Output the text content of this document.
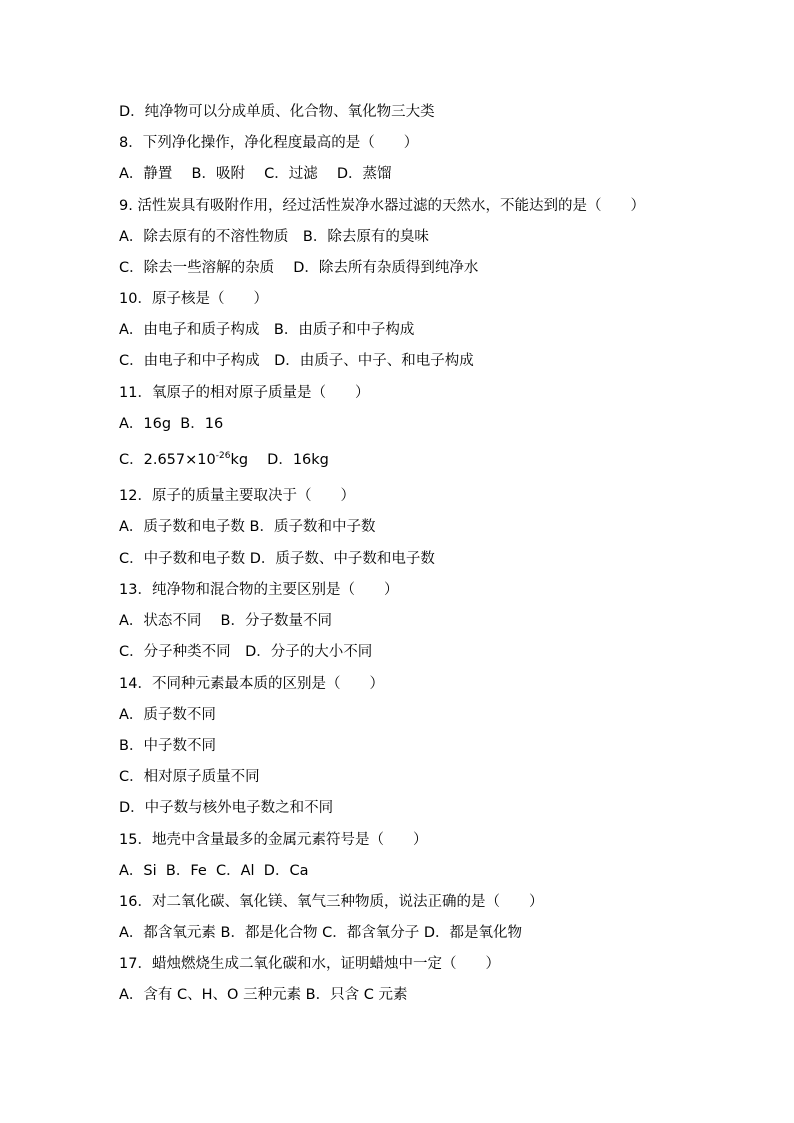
D．纯净物可以分成单质、化合物、氧化物三大类
8．下列净化操作，净化程度最高的是（　　）
A．静置　 B．吸附　 C．过滤　 D．蒸馏
9. 活性炭具有吸附作用，经过活性炭净水器过滤的天然水，不能达到的是（　　）
A．除去原有的不溶性物质　B．除去原有的臭味
C．除去一些溶解的杂质　 D．除去所有杂质得到纯净水
10．原子核是（　　）
A．由电子和质子构成　B．由质子和中子构成
C．由电子和中子构成　D．由质子、中子、和电子构成
11．氧原子的相对原子质量是（　　）
A．16g  B．16
C．$2.657\times 10^{-26}kg$　 D．16kg
12．原子的质量主要取决于（　　）
A．质子数和电子数 B．质子数和中子数
C．中子数和电子数 D．质子数、中子数和电子数
13．纯净物和混合物的主要区别是（　　）
A．状态不同　 B．分子数量不同
C．分子种类不同　D．分子的大小不同
14．不同种元素最本质的区别是（　　）
A．质子数不同
B．中子数不同
C．相对原子质量不同
D．中子数与核外电子数之和不同
15．地壳中含量最多的金属元素符号是（　　）
A．Si  B．Fe  C．Al  D．Ca
16．对二氧化碳、氧化镁、氧气三种物质，说法正确的是（　　）
A．都含氧元素 B．都是化合物 C．都含氧分子 D．都是氧化物
17．蜡烛燃烧生成二氧化碳和水，证明蜡烛中一定（　　）
A．含有 C、H、O 三种元素 B．只含 C 元素
